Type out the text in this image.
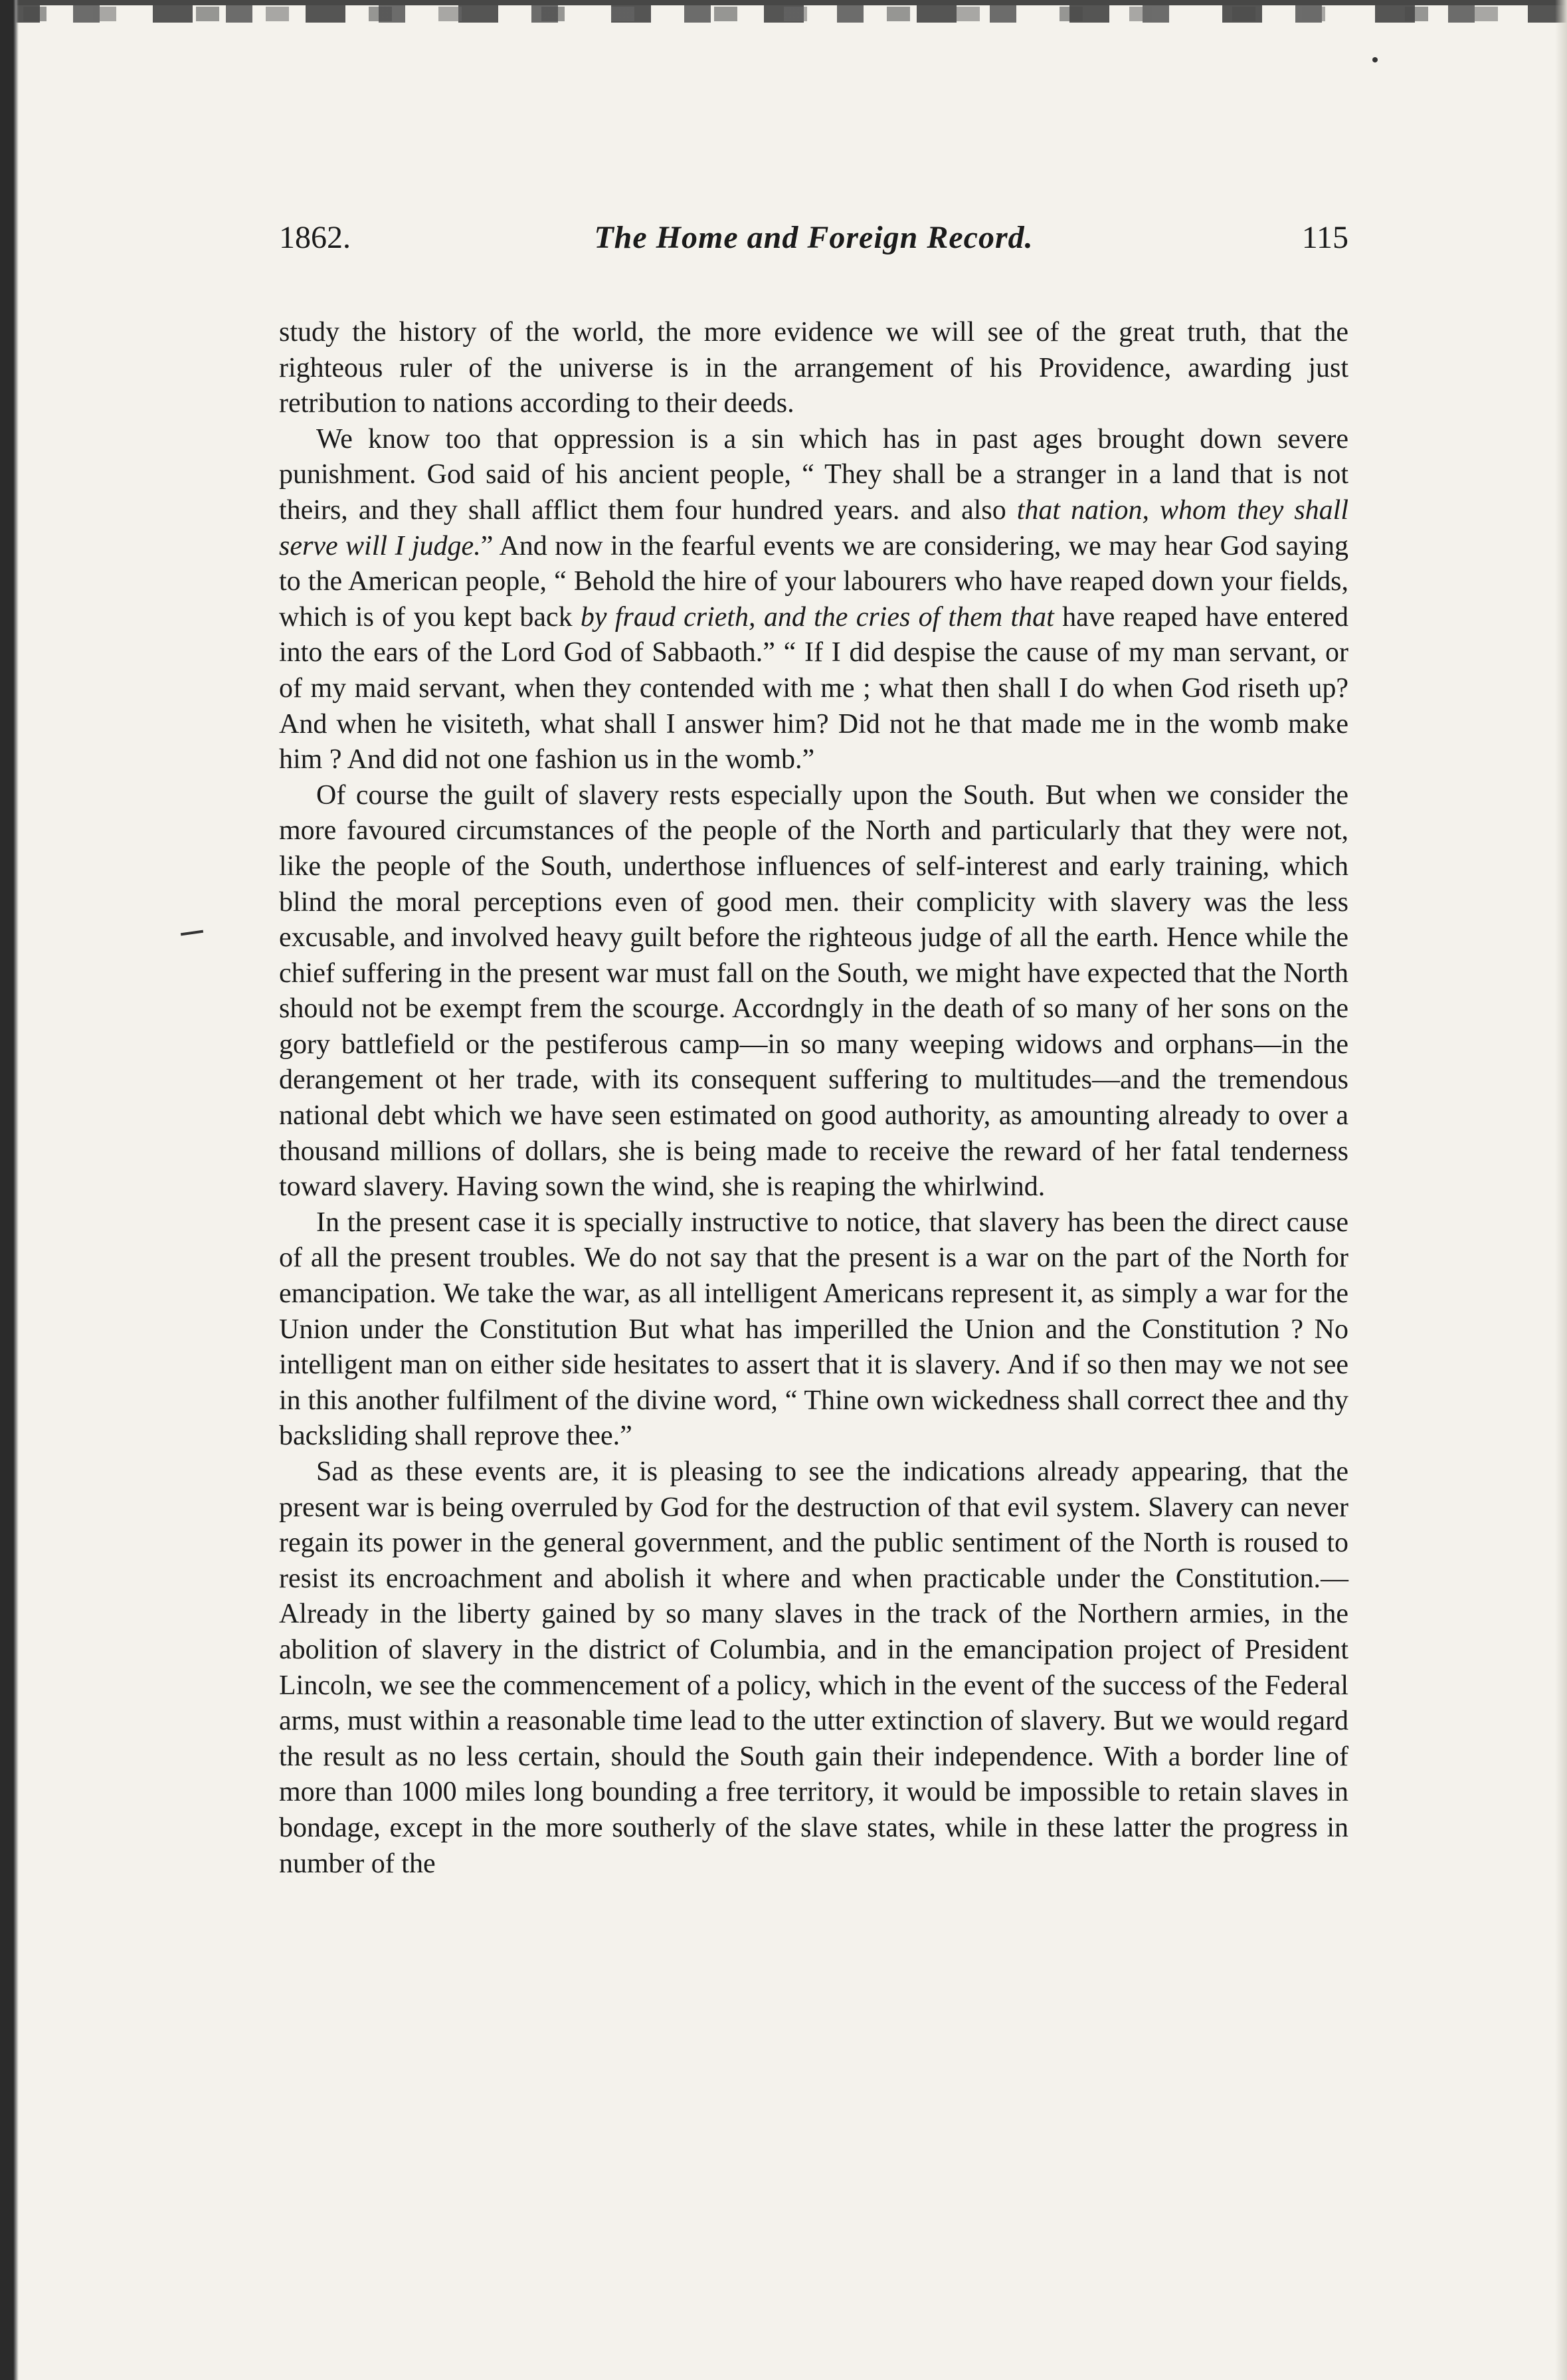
1862.	The Home and Foreign Record.	115

study the history of the world, the more evidence we will see of the great truth, that the righteous ruler of the universe is in the arrangement of his Providence, awarding just retribution to nations according to their deeds.

We know too that oppression is a sin which has in past ages brought down severe punishment. God said of his ancient people, “ They shall be a stranger in a land that is not theirs, and they shall afflict them four hundred years. and also that nation, whom they shall serve will I judge.” And now in the fearful events we are considering, we may hear God saying to the American people, “ Behold the hire of your labourers who have reaped down your fields, which is of you kept back by fraud crieth, and the cries of them that have reaped have entered into the ears of the Lord God of Sabbaoth.” “ If I did despise the cause of my man servant, or of my maid servant, when they contended with me ; what then shall I do when God riseth up? And when he visiteth, what shall I answer him? Did not he that made me in the womb make him ? And did not one fashion us in the womb.”

Of course the guilt of slavery rests especially upon the South. But when we consider the more favoured circumstances of the people of the North and particularly that they were not, like the people of the South, underthose influences of self-interest and early training, which blind the moral perceptions even of good men. their complicity with slavery was the less excusable, and involved heavy guilt before the righteous judge of all the earth. Hence while the chief suffering in the present war must fall on the South, we might have expected that the North should not be exempt frem the scourge. Accordngly in the death of so many of her sons on the gory battlefield or the pestiferous camp—in so many weeping widows and orphans—in the derangement ot her trade, with its consequent suffering to multitudes—and the tremendous national debt which we have seen estimated on good authority, as amounting already to over a thousand millions of dollars, she is being made to receive the reward of her fatal tenderness toward slavery. Having sown the wind, she is reaping the whirlwind.

In the present case it is specially instructive to notice, that slavery has been the direct cause of all the present troubles. We do not say that the present is a war on the part of the North for emancipation. We take the war, as all intelligent Americans represent it, as simply a war for the Union under the Constitution But what has imperilled the Union and the Constitution ? No intelligent man on either side hesitates to assert that it is slavery. And if so then may we not see in this another fulfilment of the divine word, “ Thine own wickedness shall correct thee and thy backsliding shall reprove thee.”

Sad as these events are, it is pleasing to see the indications already appearing, that the present war is being overruled by God for the destruction of that evil system. Slavery can never regain its power in the general government, and the public sentiment of the North is roused to resist its encroachment and abolish it where and when practicable under the Constitution.— Already in the liberty gained by so many slaves in the track of the Northern armies, in the abolition of slavery in the district of Columbia, and in the emancipation project of President Lincoln, we see the commencement of a policy, which in the event of the success of the Federal arms, must within a reasonable time lead to the utter extinction of slavery. But we would regard the result as no less certain, should the South gain their independence. With a border line of more than 1000 miles long bounding a free territory, it would be impossible to retain slaves in bondage, except in the more southerly of the slave states, while in these latter the progress in number of the
